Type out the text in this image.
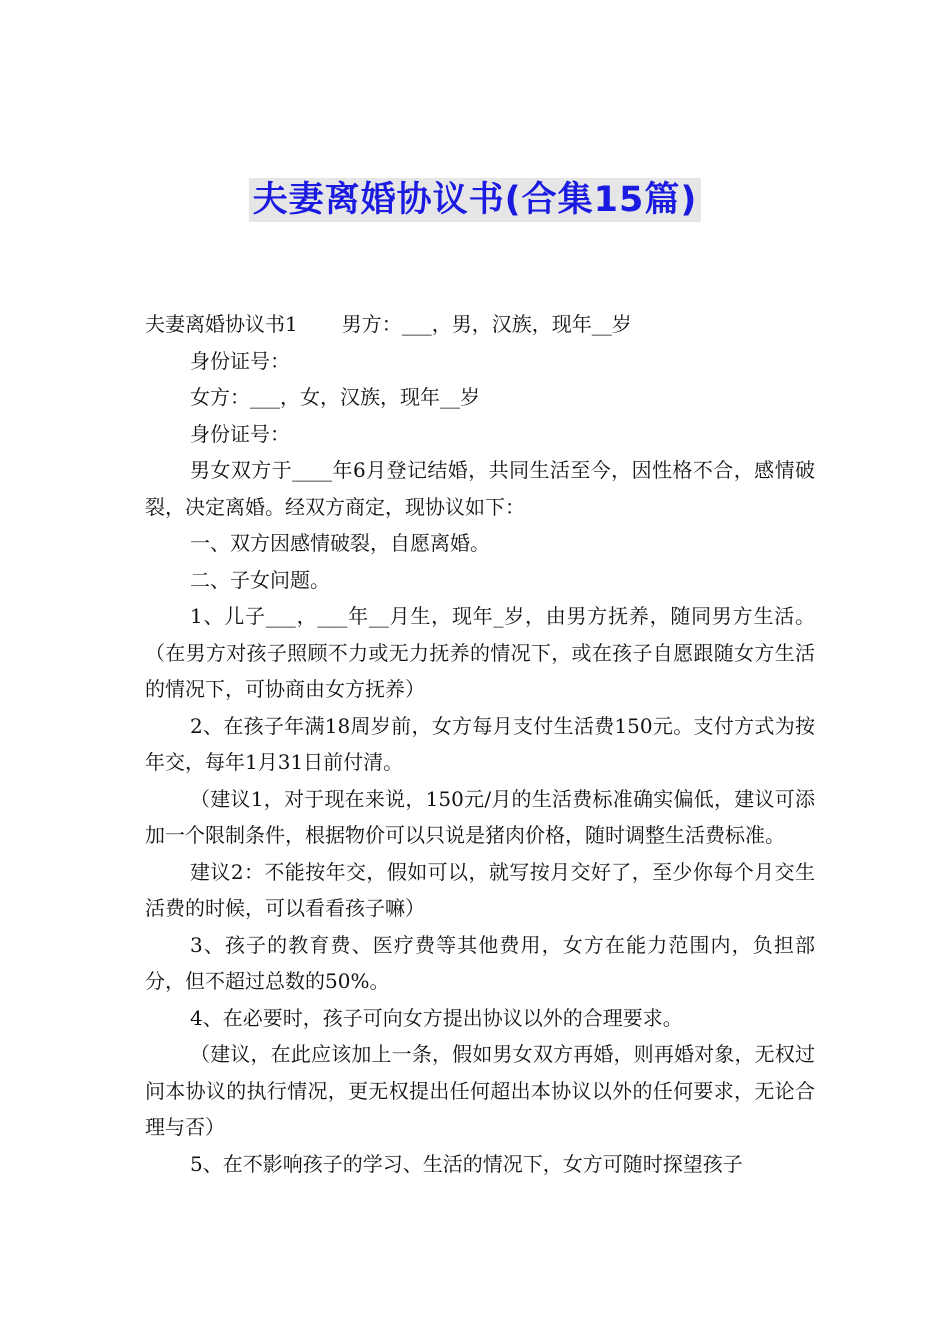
夫妻离婚协议书(合集15篇)

夫妻离婚协议书1 男方：___，男，汉族，现年__岁

身份证号：

女方：___，女，汉族，现年__岁

身份证号：

男女双方于____年6月登记结婚，共同生活至今，因性格不合，感情破裂，决定离婚。经双方商定，现协议如下：

一、双方因感情破裂，自愿离婚。

二、子女问题。

1、儿子___，___年__月生，现年_岁，由男方抚养，随同男方生活。（在男方对孩子照顾不力或无力抚养的情况下，或在孩子自愿跟随女方生活的情况下，可协商由女方抚养）

2、在孩子年满18周岁前，女方每月支付生活费150元。支付方式为按年交，每年1月31日前付清。

（建议1，对于现在来说，150元/月的生活费标准确实偏低，建议可添加一个限制条件，根据物价可以只说是猪肉价格，随时调整生活费标准。

建议2：不能按年交，假如可以，就写按月交好了，至少你每个月交生活费的时候，可以看看孩子嘛）

3、孩子的教育费、医疗费等其他费用，女方在能力范围内，负担部分，但不超过总数的50%。

4、在必要时，孩子可向女方提出协议以外的合理要求。

（建议，在此应该加上一条，假如男女双方再婚，则再婚对象，无权过问本协议的执行情况，更无权提出任何超出本协议以外的任何要求，无论合理与否）

5、在不影响孩子的学习、生活的情况下，女方可随时探望孩子
